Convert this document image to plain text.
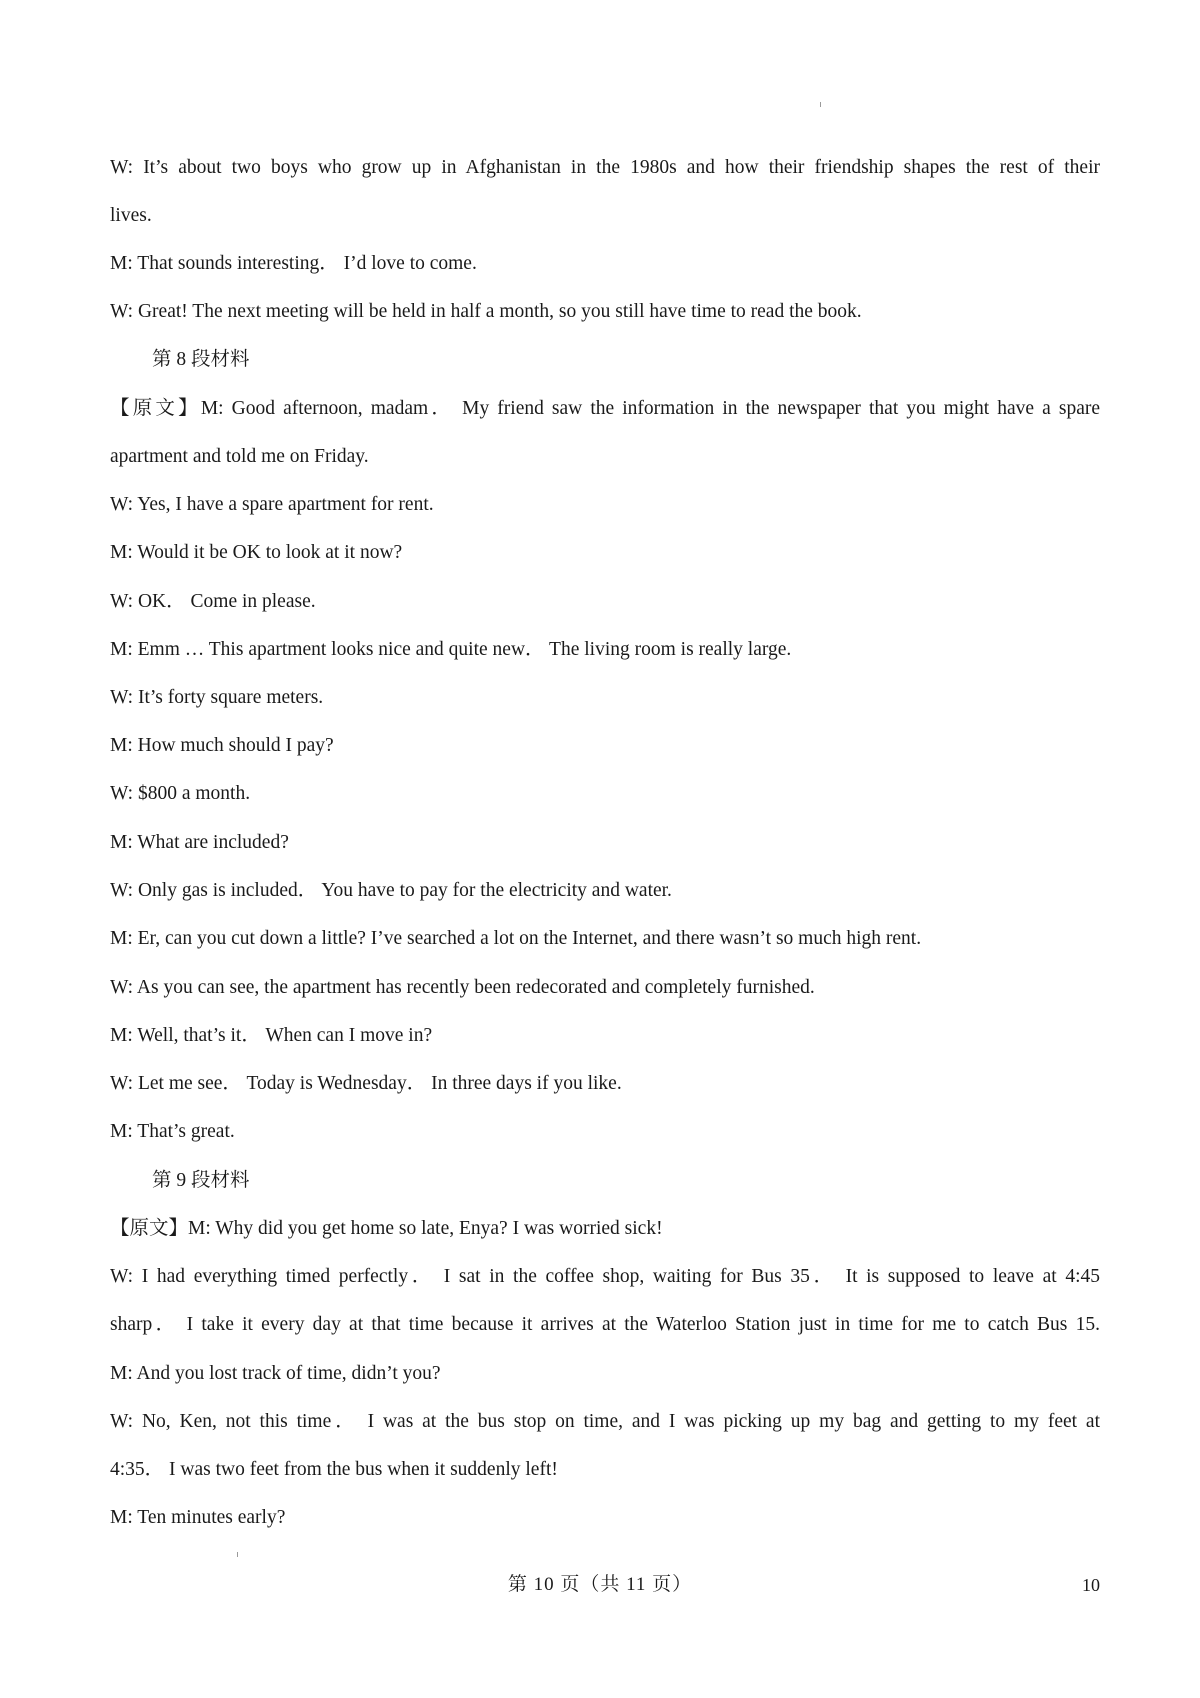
W: It’s about two boys who grow up in Afghanistan in the 1980s and how their friendship shapes the rest of their
lives.
M: That sounds interesting． I’d love to come.
W: Great! The next meeting will be held in half a month, so you still have time to read the book.
第 8 段材料
【原文】M: Good afternoon, madam． My friend saw the information in the newspaper that you might have a spare
apartment and told me on Friday.
W: Yes, I have a spare apartment for rent.
M: Would it be OK to look at it now?
W: OK． Come in please.
M: Emm … This apartment looks nice and quite new． The living room is really large.
W: It’s forty square meters.
M: How much should I pay?
W: $800 a month.
M: What are included?
W: Only gas is included． You have to pay for the electricity and water.
M: Er, can you cut down a little? I’ve searched a lot on the Internet, and there wasn’t so much high rent.
W: As you can see, the apartment has recently been redecorated and completely furnished.
M: Well, that’s it． When can I move in?
W: Let me see． Today is Wednesday． In three days if you like.
M: That’s great.
第 9 段材料
【原文】M: Why did you get home so late, Enya? I was worried sick!
W: I had everything timed perfectly． I sat in the coffee shop, waiting for Bus 35． It is supposed to leave at 4:45
sharp． I take it every day at that time because it arrives at the Waterloo Station just in time for me to catch Bus 15.
M: And you lost track of time, didn’t you?
W: No, Ken, not this time． I was at the bus stop on time, and I was picking up my bag and getting to my feet at
4:35． I was two feet from the bus when it suddenly left!
M: Ten minutes early?
第 10 页（共 11 页）	10
